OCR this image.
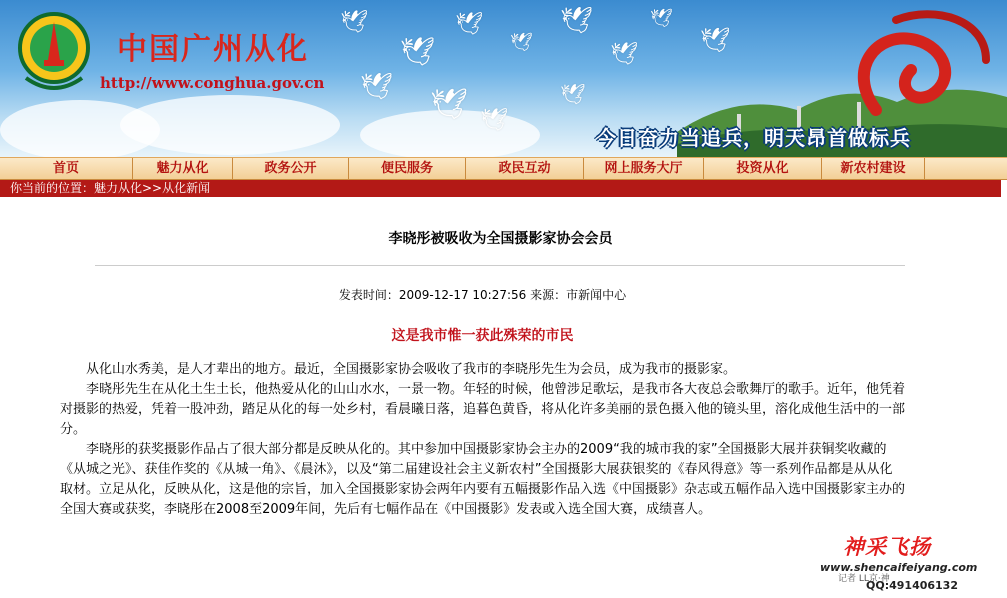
🕊
🕊
🕊
🕊
🕊
🕊
🕊
🕊
🕊 🕊 🕊
🕊
中国广州从化
http://www.conghua.gov.cn
今日奋力当追兵，明天昂首做标兵
首页	魅力从化	政务公开	便民服务	政民互动	网上服务大厅	投资从化	新农村建设
你当前的位置：魅力从化>>从化新闻
李晓彤被吸收为全国摄影家协会会员
发表时间：2009-12-17 10:27:56 来源：市新闻中心
这是我市惟一获此殊荣的市民

从化山水秀美，是人才辈出的地方。最近，全国摄影家协会吸收了我市的李晓彤先生为会员，成为我市的摄影家。

李晓彤先生在从化土生土长，他热爱从化的山山水水，一景一物。年轻的时候，他曾涉足歌坛，是我市各大夜总会歌舞厅的歌手。近年，他凭着对摄影的热爱，凭着一股冲劲，踏足从化的每一处乡村，看晨曦日落，追暮色黄昏，将从化许多美丽的景色摄入他的镜头里，溶化成他生活中的一部分。

李晓彤的获奖摄影作品占了很大部分都是反映从化的。其中参加中国摄影家协会主办的2009“我的城市我的家”全国摄影大展并获铜奖收藏的《从城之光》、获佳作奖的《从城一角》、《晨沐》，以及“第二届建设社会主义新农村”全国摄影大展获银奖的《春风得意》等一系列作品都是从从化取材。立足从化，反映从化，这是他的宗旨，加入全国摄影家协会两年内要有五幅摄影作品入选《中国摄影》杂志或五幅作品入选中国摄影家主办的全国大赛或获奖，李晓彤在2008至2009年间，先后有七幅作品在《中国摄影》发表或入选全国大赛，成绩喜人。

神采飞扬
www.shencaifeiyang.com
记者 LL京·神
QQ:491406132
